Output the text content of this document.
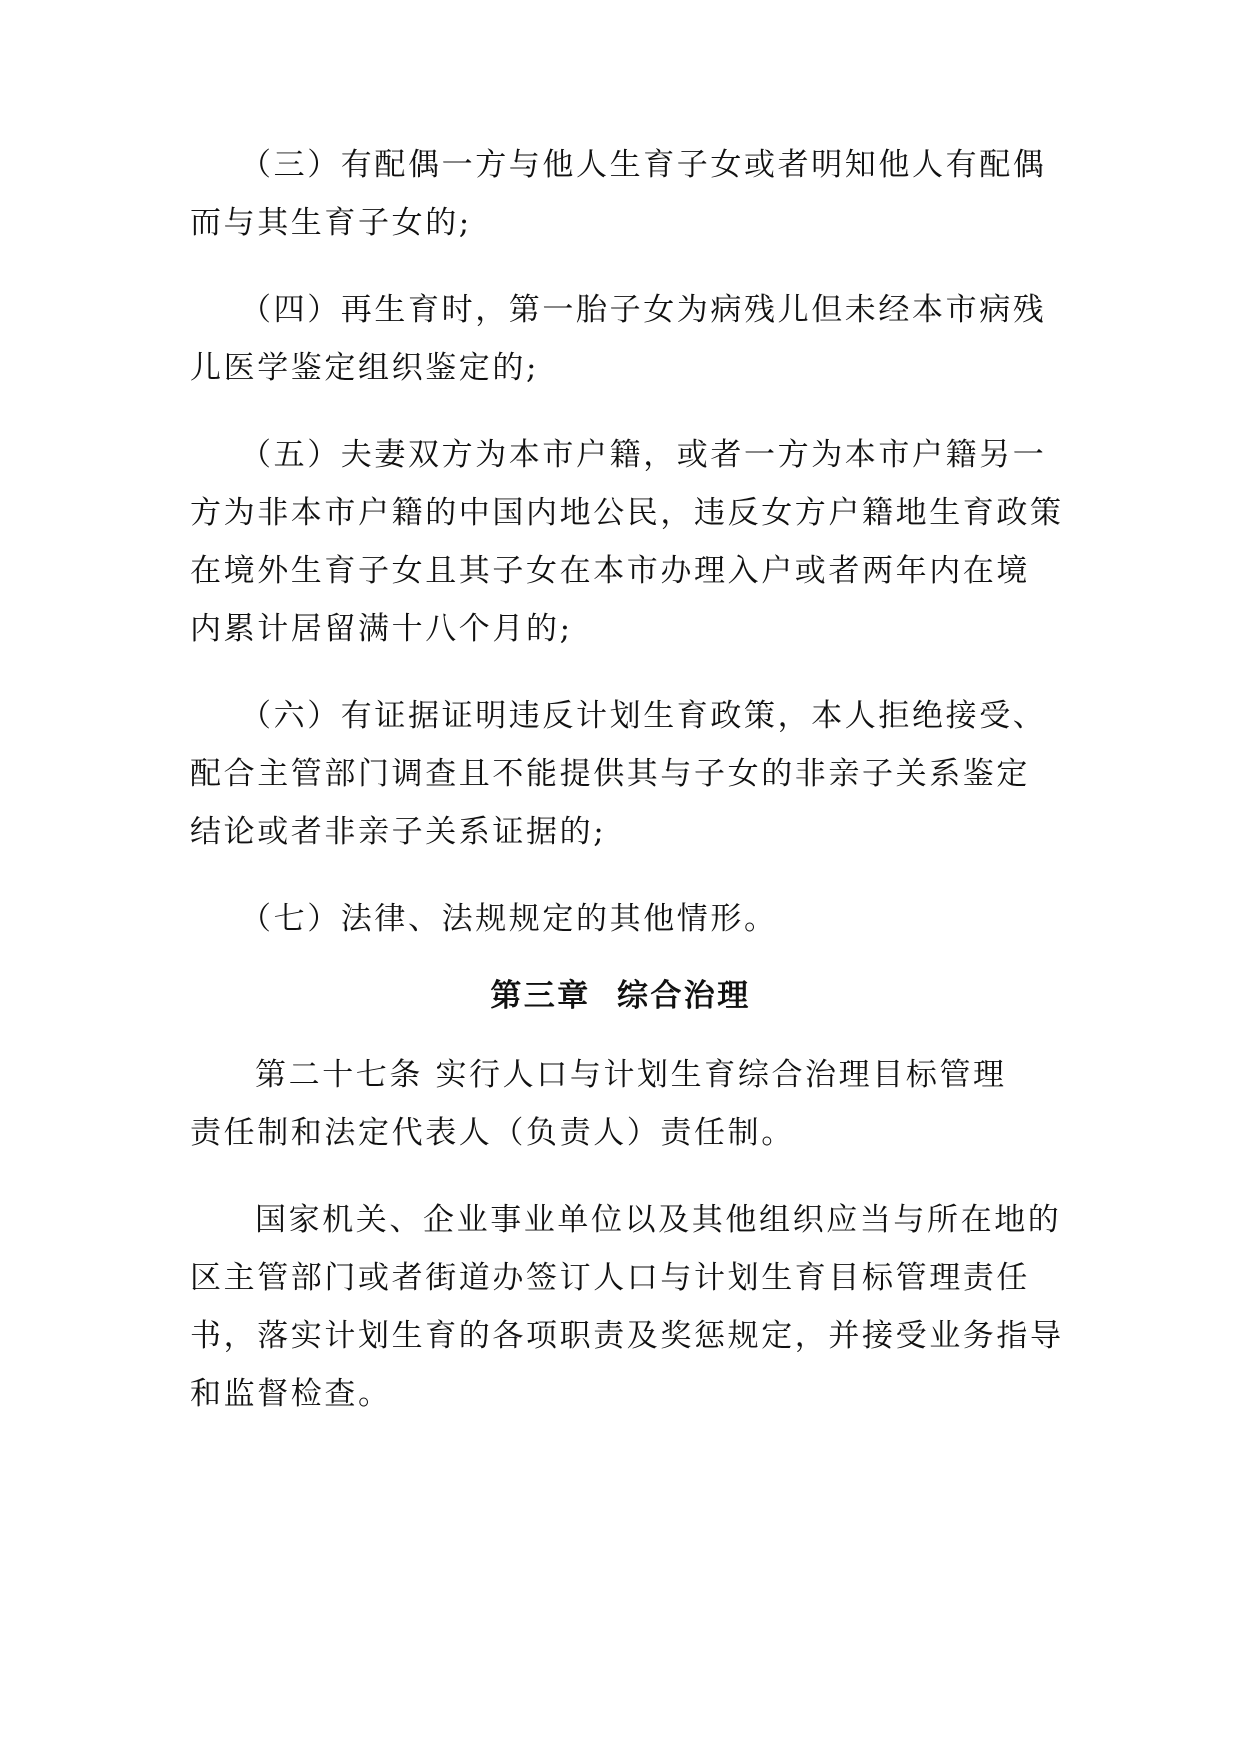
（三）有配偶一方与他人生育子女或者明知他人有配偶
而与其生育子女的;
（四）再生育时，第一胎子女为病残儿但未经本市病残
儿医学鉴定组织鉴定的;
（五）夫妻双方为本市户籍，或者一方为本市户籍另一
方为非本市户籍的中国内地公民，违反女方户籍地生育政策
在境外生育子女且其子女在本市办理入户或者两年内在境
内累计居留满十八个月的;
（六）有证据证明违反计划生育政策，本人拒绝接受、
配合主管部门调查且不能提供其与子女的非亲子关系鉴定
结论或者非亲子关系证据的;
（七）法律、法规规定的其他情形。
第三章  综合治理
第二十七条 实行人口与计划生育综合治理目标管理
责任制和法定代表人（负责人）责任制。
国家机关、企业事业单位以及其他组织应当与所在地的
区主管部门或者街道办签订人口与计划生育目标管理责任
书，落实计划生育的各项职责及奖惩规定，并接受业务指导
和监督检查。
